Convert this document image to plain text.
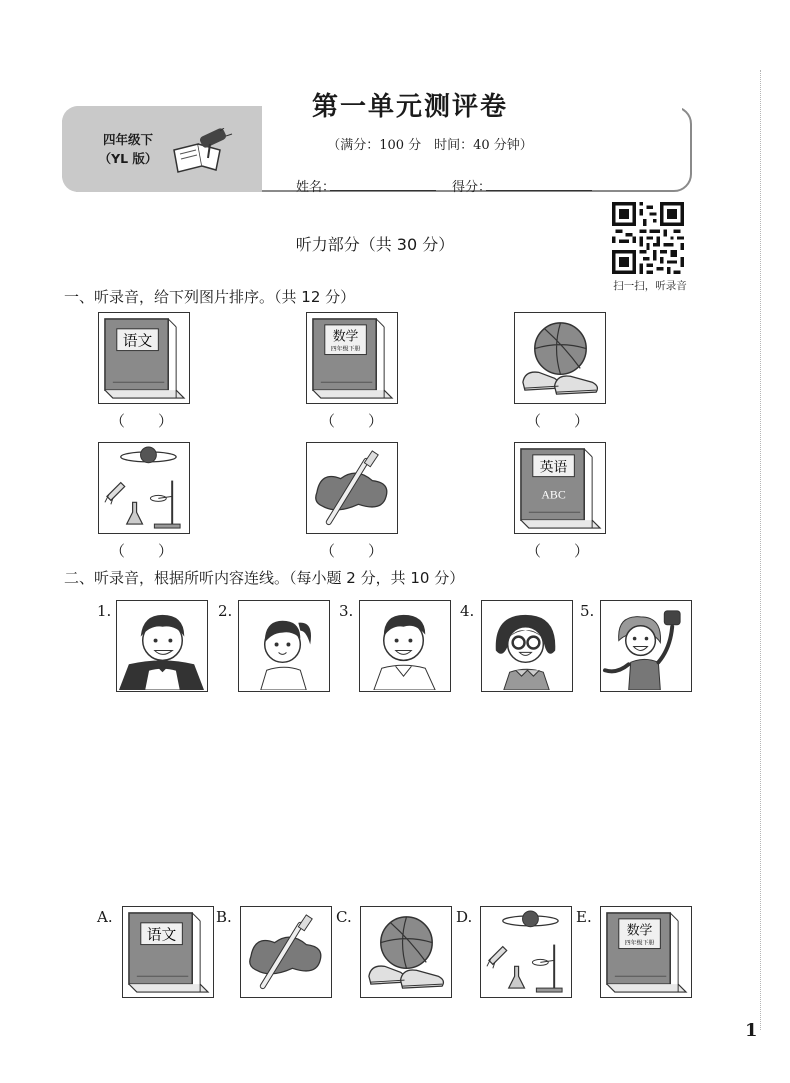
四年级下
（YL 版）
第一单元测评卷
（满分：100 分　时间：40 分钟）
姓名：	得分：
扫一扫，听录音
听力部分（共 30 分）
一、听录音，给下列图片排序。（共 12 分）
语文	数学
四年级下册
（　　）	（　　）	（　　）
英语
ABC
（　　）	（　　）	（　　）
二、听录音，根据所听内容连线。（每小题 2 分，共 10 分）
1.	2.	3.	4.	5.
A.
语文
B.	C.	D.	E.
数学
四年级下册
1
